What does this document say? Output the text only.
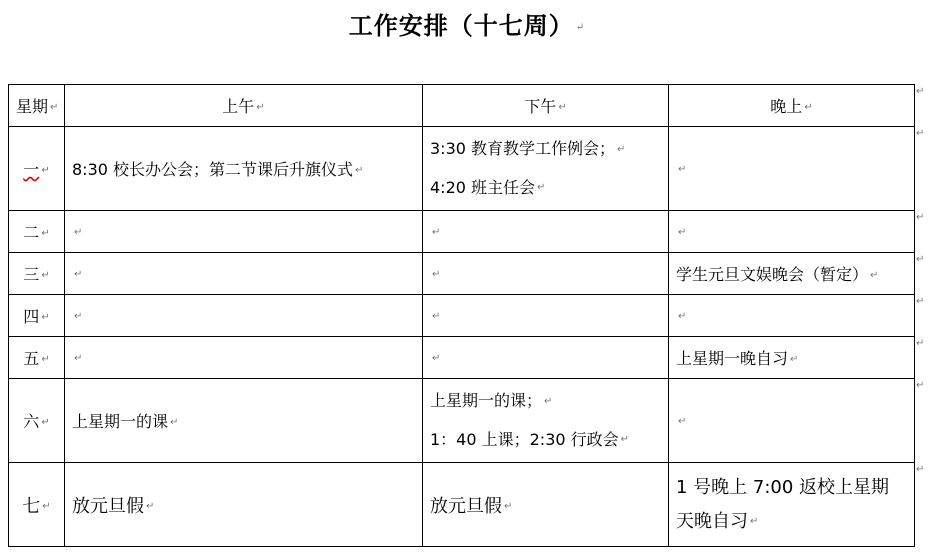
工作安排（十七周） ↵
星期 ↵	上午 ↵	下午 ↵	晚上 ↵
一 ↵	8:30 校长办公会；第二节课后升旗仪式 ↵	3:30 教育教学工作例会； ↵
4:20 班主任会 ↵	↵
二 ↵	↵	↵	↵
三 ↵	↵	↵	学生元旦文娱晚会（暂定） ↵
四 ↵	↵	↵	↵
五 ↵	↵	↵	上星期一晚自习 ↵
六 ↵	上星期一的课 ↵	上星期一的课； ↵
1：40 上课；2:30 行政会 ↵	↵
七 ↵	放元旦假 ↵	放元旦假 ↵	1 号晚上 7:00 返校上星期天晚自习 ↵
↵
↵
↵
↵
↵
↵
↵
↵
